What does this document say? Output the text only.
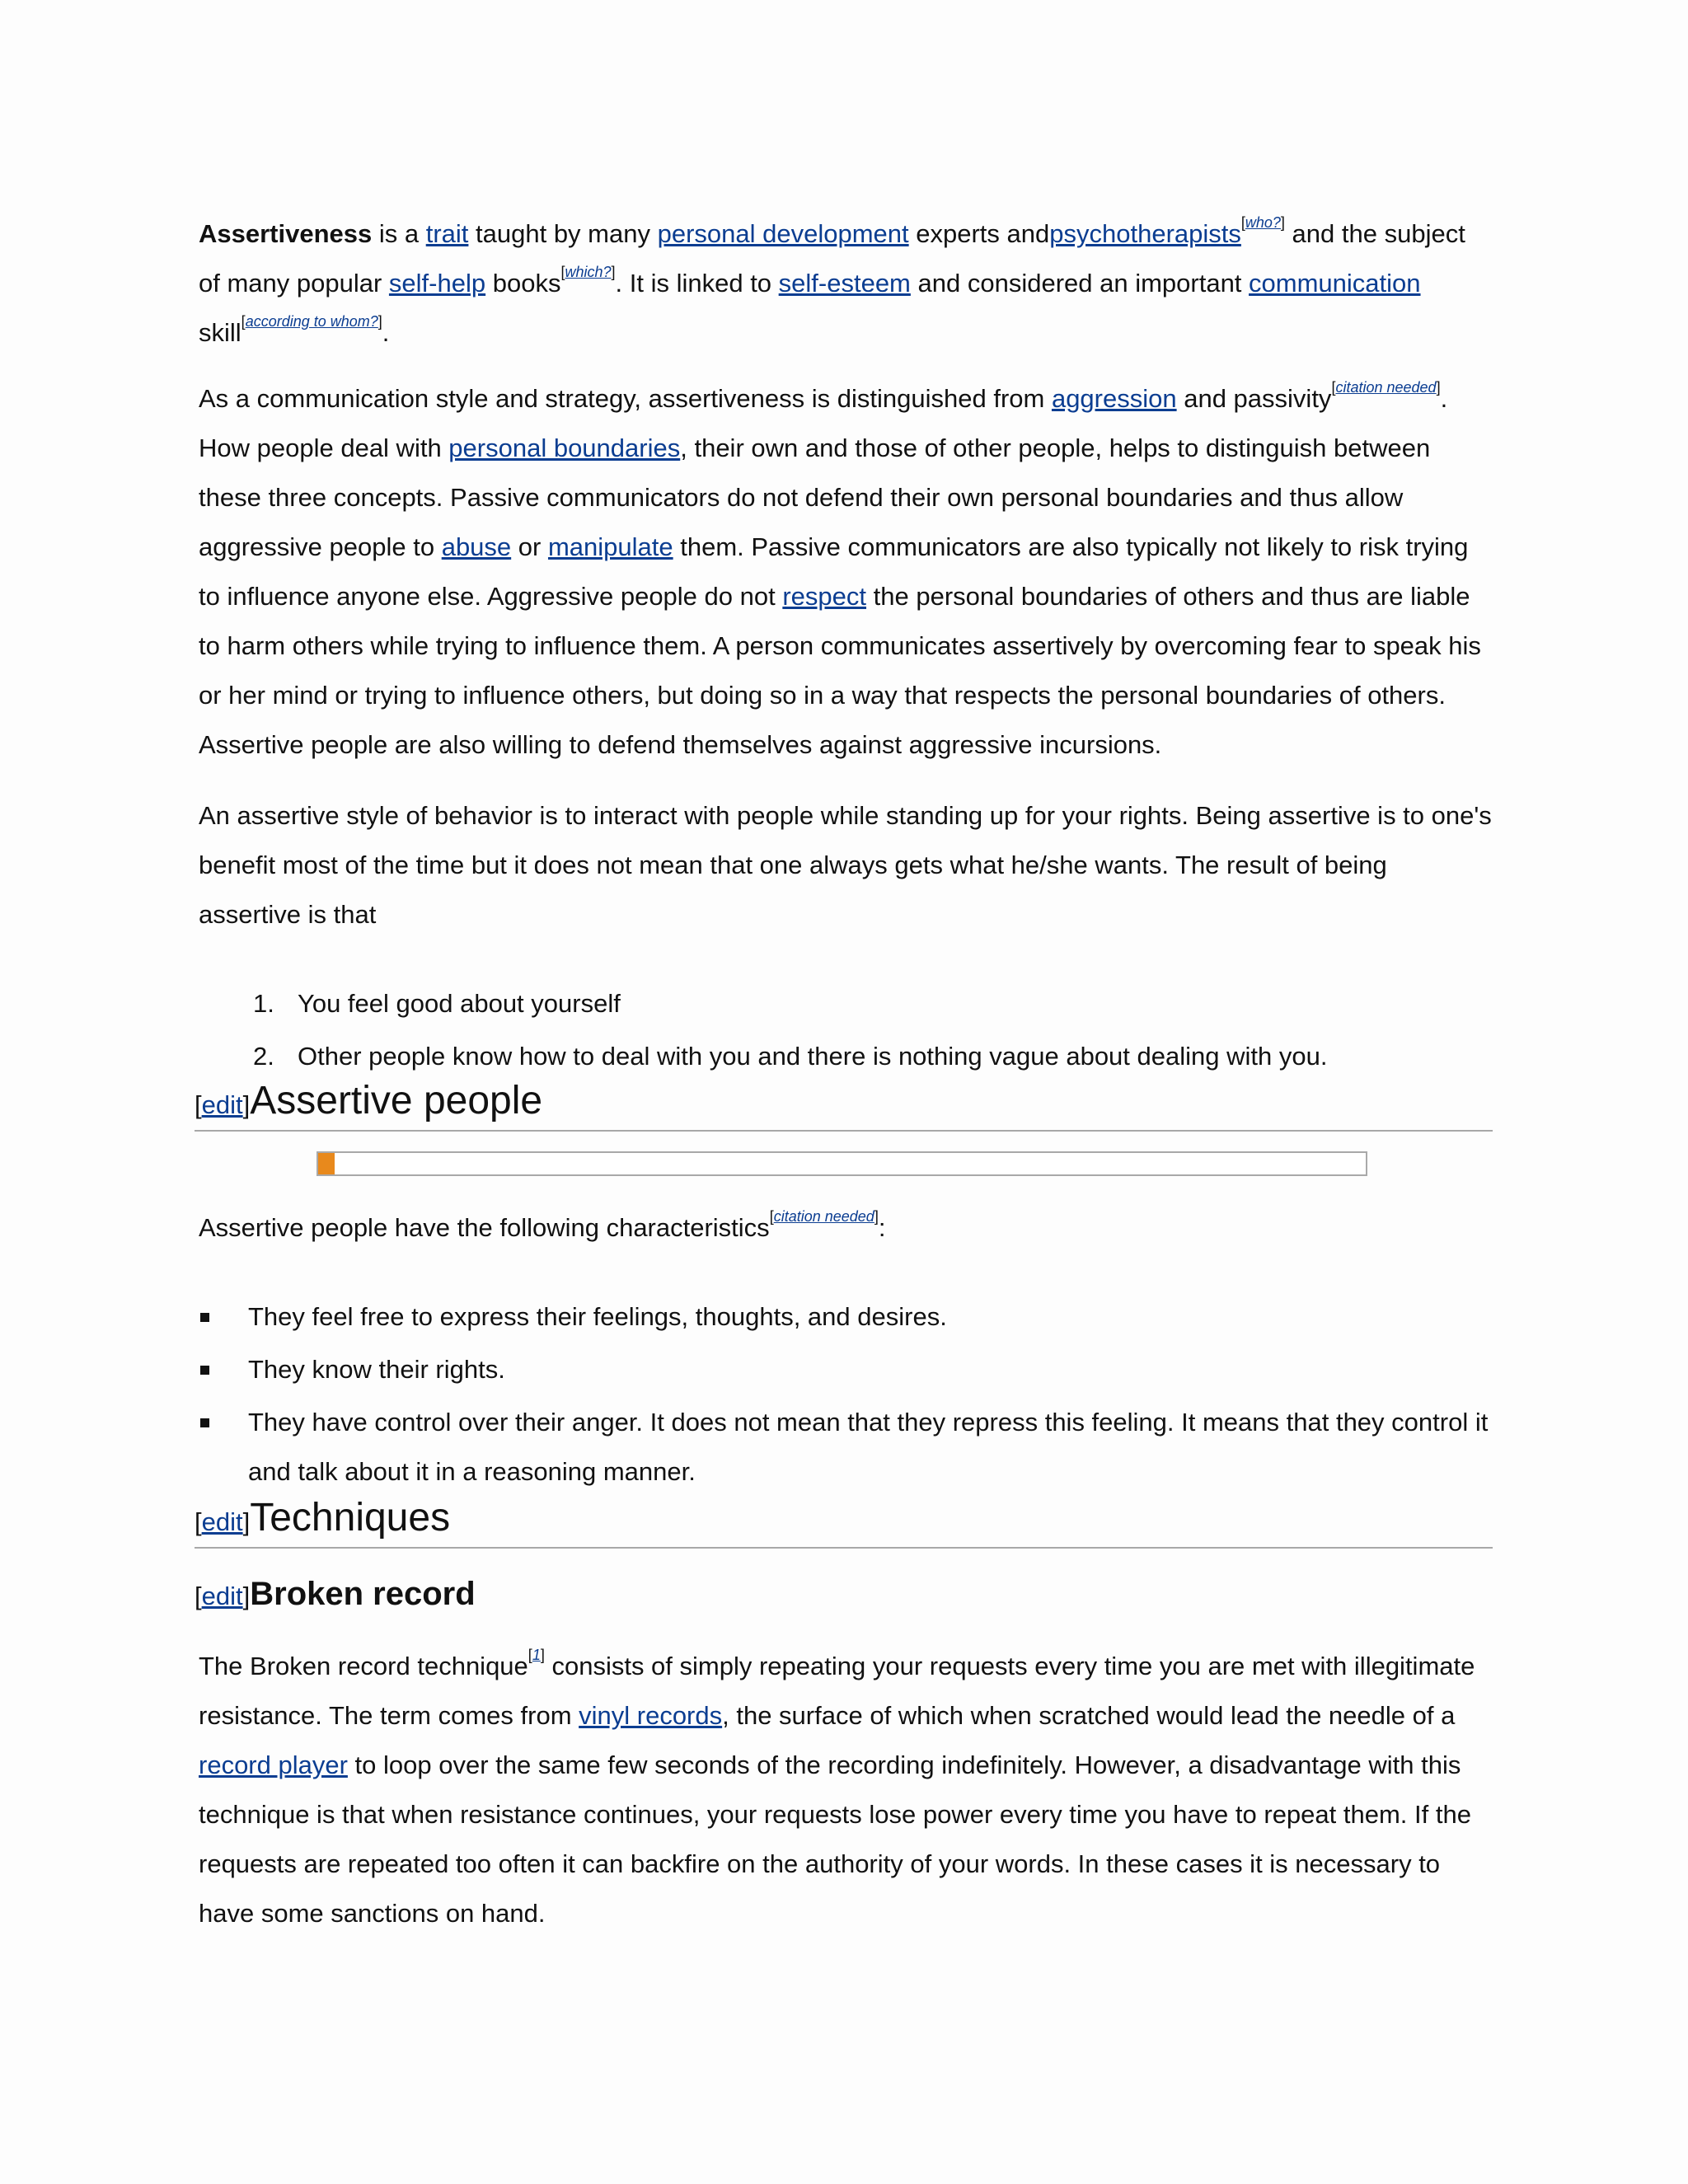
Assertiveness is a trait taught by many personal development experts andpsychotherapists[who?] and the subject of many popular self-help books[which?]. It is linked to self-esteem and considered an important communication skill[according to whom?].

As a communication style and strategy, assertiveness is distinguished from aggression and passivity[citation needed]. How people deal with personal boundaries, their own and those of other people, helps to distinguish between these three concepts. Passive communicators do not defend their own personal boundaries and thus allow aggressive people to abuse or manipulate them. Passive communicators are also typically not likely to risk trying to influence anyone else. Aggressive people do not respect the personal boundaries of others and thus are liable to harm others while trying to influence them. A person communicates assertively by overcoming fear to speak his or her mind or trying to influence others, but doing so in a way that respects the personal boundaries of others. Assertive people are also willing to defend themselves against aggressive incursions.

An assertive style of behavior is to interact with people while standing up for your rights. Being assertive is to one's benefit most of the time but it does not mean that one always gets what he/she wants. The result of being assertive is that

1. You feel good about yourself
2. Other people know how to deal with you and there is nothing vague about dealing with you.
[edit]Assertive people

Assertive people have the following characteristics[citation needed]:

They feel free to express their feelings, thoughts, and desires.
They know their rights.
They have control over their anger. It does not mean that they repress this feeling. It means that they control it and talk about it in a reasoning manner.
[edit]Techniques
[edit]Broken record

The Broken record technique[1] consists of simply repeating your requests every time you are met with illegitimate resistance. The term comes from vinyl records, the surface of which when scratched would lead the needle of a record player to loop over the same few seconds of the recording indefinitely. However, a disadvantage with this technique is that when resistance continues, your requests lose power every time you have to repeat them. If the requests are repeated too often it can backfire on the authority of your words. In these cases it is necessary to have some sanctions on hand.
